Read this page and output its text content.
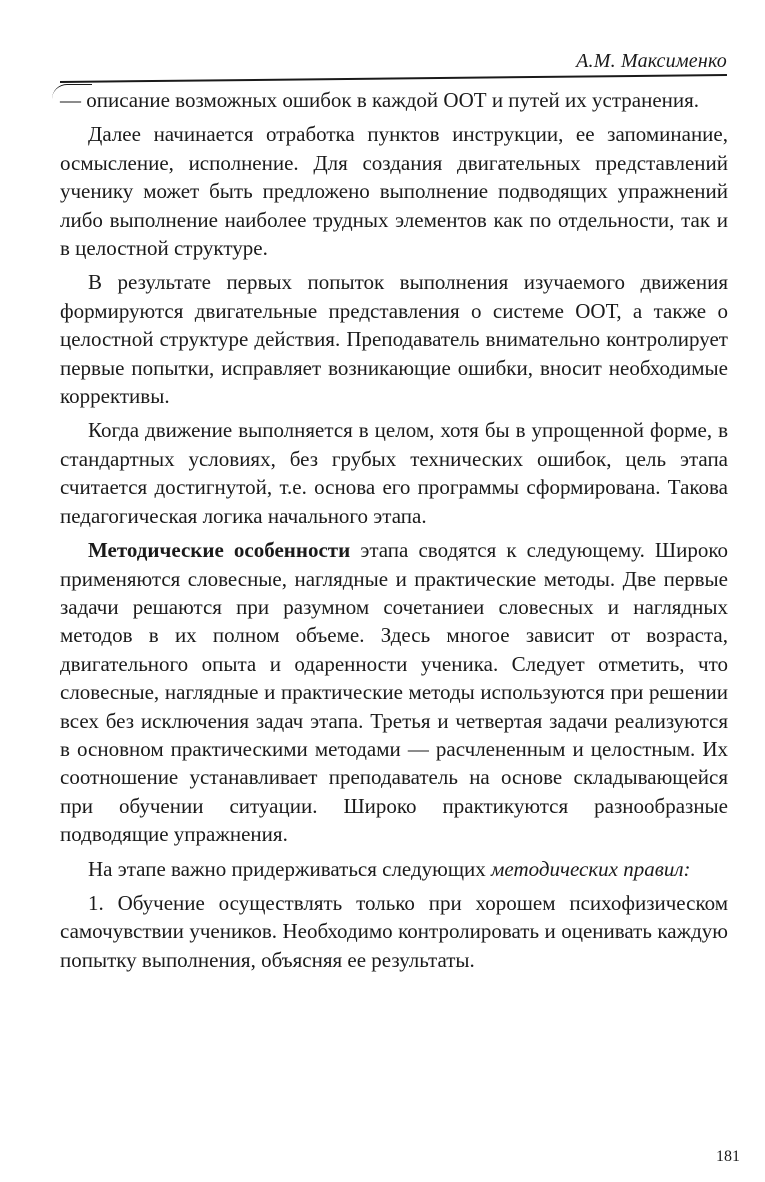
А.М. Максименко

— описание возможных ошибок в каждой ООТ и путей их устранения.

Далее начинается отработка пунктов инструкции, ее запоминание, осмысление, исполнение. Для создания двигательных представлений ученику может быть предложено выполнение подводящих упражнений либо выполнение наиболее трудных элементов как по отдельности, так и в целостной структуре.

В результате первых попыток выполнения изучаемого движения формируются двигательные представления о системе ООТ, а также о целостной структуре действия. Преподаватель внимательно контролирует первые попытки, исправляет возникающие ошибки, вносит необходимые коррективы.

Когда движение выполняется в целом, хотя бы в упрощенной форме, в стандартных условиях, без грубых технических ошибок, цель этапа считается достигнутой, т.е. основа его программы сформирована. Такова педагогическая логика начального этапа.

Методические особенности этапа сводятся к следующему. Широко применяются словесные, наглядные и практические методы. Две первые задачи решаются при разумном сочетаниеи словесных и наглядных методов в их полном объеме. Здесь многое зависит от возраста, двигательного опыта и одаренности ученика. Следует отметить, что словесные, наглядные и практические методы используются при решении всех без исключения задач этапа. Третья и четвертая задачи реализуются в основном практическими методами — расчлененным и целостным. Их соотношение устанавливает преподаватель на основе складывающейся при обучении ситуации. Широко практикуются разнообразные подводящие упражнения.

На этапе важно придерживаться следующих методических правил:

1. Обучение осуществлять только при хорошем психофизическом самочувствии учеников. Необходимо контролировать и оценивать каждую попытку выполнения, объясняя ее результаты.

181
